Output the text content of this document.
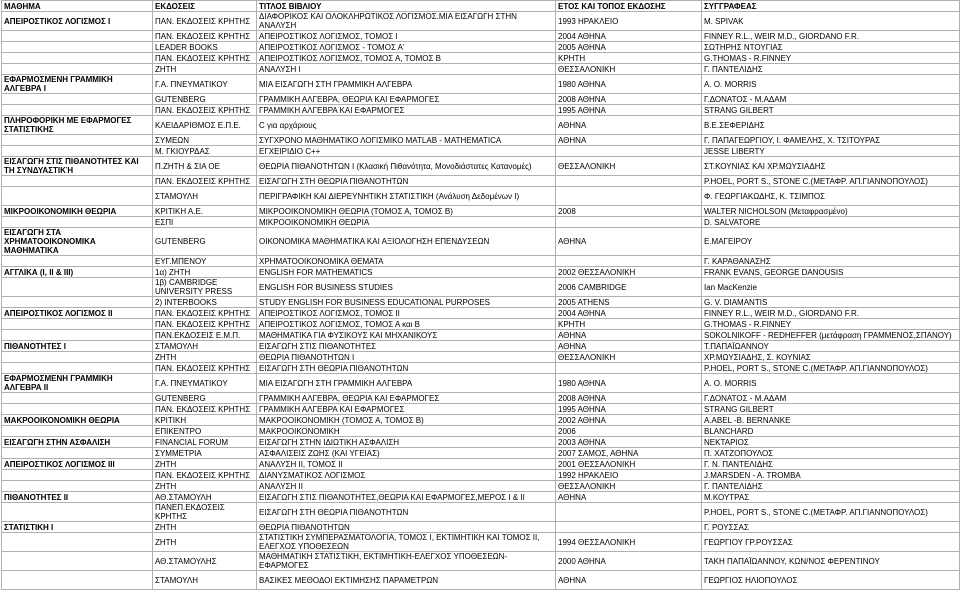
ΜΑΘΗΜΑ	ΕΚΔΟΣΕΙΣ	ΤΙΤΛΟΣ ΒΙΒΛΙΟΥ	ΕΤΟΣ ΚΑΙ ΤΟΠΟΣ ΕΚΔΟΣΗΣ	ΣΥΓΓΡΑΦΕΑΣ
ΑΠΕΙΡΟΣΤΙΚΟΣ ΛΟΓΙΣΜΟΣ Ι	ΠΑΝ. ΕΚΔΟΣΕΙΣ ΚΡΗΤΗΣ	ΔΙΑΦΟΡΙΚΟΣ ΚΑΙ ΟΛΟΚΛΗΡΩΤΙΚΟΣ ΛΟΓΙΣΜΟΣ.ΜΙΑ ΕΙΣΑΓΩΓΗ ΣΤΗΝ ΑΝΑΛΥΣΗ	1993 ΗΡΑΚΛΕΙΟ	M. SPIVAK
	ΠΑΝ. ΕΚΔΟΣΕΙΣ ΚΡΗΤΗΣ	ΑΠΕΙΡΟΣΤΙΚΟΣ ΛΟΓΙΣΜΟΣ, ΤΟΜΟΣ Ι	2004 ΑΘΗΝΑ	FINNEY R.L., WEIR M.D., GIORDANO F.R.
	LEADER BOOKS	ΑΠΕΙΡΟΣΤΙΚΟΣ ΛΟΓΙΣΜΟΣ - ΤΟΜΟΣ Α'	2005 ΑΘΗΝΑ	ΣΩΤΗΡΗΣ ΝΤΟΥΓΙΑΣ
	ΠΑΝ. ΕΚΔΟΣΕΙΣ ΚΡΗΤΗΣ	ΑΠΕΙΡΟΣΤΙΚΟΣ ΛΟΓΙΣΜΟΣ, ΤΟΜΟΣ Α, ΤΟΜΟΣ Β	ΚΡΗΤΗ	G.THOMAS - R.FINNEY
	ΖΗΤΗ	ΑΝΑΛΥΣΗ Ι	ΘΕΣΣΑΛΟΝΙΚΗ	Γ. ΠΑΝΤΕΛΙΔΗΣ
ΕΦΑΡΜΟΣΜΕΝΗ ΓΡΑΜΜΙΚΗ ΑΛΓΕΒΡΑ Ι	Γ.Α. ΠΝΕΥΜΑΤΙΚΟΥ	ΜΙΑ ΕΙΣΑΓΩΓΗ ΣΤΗ ΓΡΑΜΜΙΚΗ ΑΛΓΕΒΡΑ	1980 ΑΘΗΝΑ	A. O. MORRIS
	GUTENBERG	ΓΡΑΜΜΙΚΗ ΑΛΓΕΒΡΑ, ΘΕΩΡΙΑ ΚΑΙ ΕΦΑΡΜΟΓΕΣ	2008 ΑΘΗΝΑ	Γ.ΔΟΝΑΤΟΣ - Μ.ΑΔΑΜ
	ΠΑΝ. ΕΚΔΟΣΕΙΣ ΚΡΗΤΗΣ	ΓΡΑΜΜΙΚΗ ΑΛΓΕΒΡΑ ΚΑΙ ΕΦΑΡΜΟΓΕΣ	1995 ΑΘΗΝΑ	STRANG GILBERT
ΠΛΗΡΟΦΟΡΙΚΗ ΜΕ ΕΦΑΡΜΟΓΕΣ ΣΤΑΤΙΣΤΙΚΗΣ	ΚΛΕΙΔΑΡΙΘΜΟΣ Ε.Π.Ε.	C για αρχάριους	ΑΘΗΝΑ	Β.Ε.ΣΕΦΕΡΙΔΗΣ
	ΣΥΜΕΩΝ	ΣΥΓΧΡΟΝΟ ΜΑΘΗΜΑΤΙΚΟ ΛΟΓΙΣΜΙΚΟ MATLAB - MATHEMATICA	ΑΘΗΝΑ	Γ. ΠΑΠΑΓΕΩΡΓΙΟΥ, Ι. ΦΑΜΕΛΗΣ, Χ. ΤΣΙΤΟΥΡΑΣ
	Μ. ΓΚΙΟΥΡΔΑΣ	ΕΓΧΕΙΡΙΔΙΟ C++		JESSE LIBERTY
ΕΙΣΑΓΩΓΗ ΣΤΙΣ ΠΙΘΑΝΟΤΗΤΕΣ ΚΑΙ ΤΗ ΣΥΝΔΥΑΣΤΙΚΉ	Π.ΖΗΤΗ & ΣΙΑ ΟΕ	ΘΕΩΡΙΑ ΠΙΘΑΝΟΤΗΤΩΝ Ι (Κλασική Πιθανότητα, Μονοδιάστατες Κατανομές)	ΘΕΣΣΑΛΟΝΙΚΗ	ΣΤ.ΚΟΥΝΙΑΣ ΚΑΙ ΧΡ.ΜΩΥΣΙΑΔΗΣ
	ΠΑΝ. ΕΚΔΟΣΕΙΣ ΚΡΗΤΗΣ	ΕΙΣΑΓΩΓΗ ΣΤΗ ΘΕΩΡΙΑ ΠΙΘΑΝΟΤΗΤΩΝ		P.HOEL, PORT S., STONE C.(ΜΕΤΑΦΡ. ΑΠ.ΓΙΑΝΝΟΠΟΥΛΟΣ)
	ΣΤΑΜΟΥΛΗ	ΠΕΡΙΓΡΑΦΙΚΗ ΚΑΙ ΔΙΕΡΕΥΝΗΤΙΚΗ ΣΤΑΤΙΣΤΙΚΗ (Ανάλυση Δεδομένων Ι)		Φ. ΓΕΩΡΓΙΑΚΩΔΗΣ, Κ. ΤΣΙΜΠΟΣ
ΜΙΚΡΟΟΙΚΟΝΟΜΙΚΗ ΘΕΩΡΙΑ	ΚΡΙΤΙΚΗ Α.Ε.	ΜΙΚΡΟΟΙΚΟΝΟΜΙΚΗ ΘΕΩΡΙΑ (ΤΟΜΟΣ Α, ΤΟΜΟΣ Β)	2008	WALTER NICHOLSON (Μεταφρασμένο)
	ΕΣΠΙ	ΜΙΚΡΟΟΙΚΟΝΟΜΙΚΗ ΘΕΩΡΙΑ		D. SALVATORE
ΕΙΣΑΓΩΓΗ ΣΤΑ ΧΡΗΜΑΤΟΟΙΚΟΝΟΜΙΚΑ ΜΑΘΗΜΑΤΙΚΑ	GUTENBERG	ΟΙΚΟΝΟΜΙΚΑ ΜΑΘΗΜΑΤΙΚΑ ΚΑΙ ΑΞΙΟΛΟΓΗΣΗ ΕΠΕΝΔΥΣΕΩΝ	ΑΘΗΝΑ	Ε.ΜΑΓΕΙΡΟΥ
	ΕΥΓ.ΜΠΕΝΟΥ	ΧΡΗΜΑΤΟΟΙΚΟΝΟΜΙΚΑ ΘΕΜΑΤΑ		Γ. ΚΑΡΑΘΑΝΑΣΗΣ
ΑΓΓΛΙΚΑ (Ι, ΙΙ & ΙΙΙ)	1α) ΖΗΤΗ	ENGLISH FOR MATHEMATICS	2002 ΘΕΣΣΑΛΟΝΙΚΗ	FRANK EVANS, GEORGE DANOUSIS
	1β) CAMBRIDGE UNIVERSITY PRESS	ENGLISH FOR BUSINESS STUDIES	2006 CAMBRIDGE	Ian MacKenzie
	2) INTERBOOKS	STUDY ENGLISH FOR BUSINESS EDUCATIONAL PURPOSES	2005 ATHENS	G. V. DIAMANTIS
ΑΠΕΙΡΟΣΤΙΚΟΣ ΛΟΓΙΣΜΟΣ ΙΙ	ΠΑΝ. ΕΚΔΟΣΕΙΣ ΚΡΗΤΗΣ	ΑΠΕΙΡΟΣΤΙΚΟΣ ΛΟΓΙΣΜΟΣ, ΤΟΜΟΣ ΙΙ	2004 ΑΘΗΝΑ	FINNEY R.L., WEIR M.D., GIORDANO F.R.
	ΠΑΝ. ΕΚΔΟΣΕΙΣ ΚΡΗΤΗΣ	ΑΠΕΙΡΟΣΤΙΚΟΣ ΛΟΓΙΣΜΟΣ, ΤΟΜΟΣ Α και Β	ΚΡΗΤΗ	G.THOMAS - R.FINNEY
	ΠΑΝ.ΕΚΔΟΣΕΙΣ Ε.Μ.Π.	ΜΑΘΗΜΑΤΙΚΑ ΓΙΑ ΦΥΣΙΚΟΥΣ ΚΑΙ ΜΗΧΑΝΙΚΟΥΣ	ΑΘΗΝΑ	SOKOLNIKOFF - REDHEFFER (μετάφραση ΓΡΑΜΜΕΝΟΣ,ΣΠΑΝΟΥ)
ΠΙΘΑΝΟΤΗΤΕΣ Ι	ΣΤΑΜΟΥΛΗ	ΕΙΣΑΓΩΓΗ ΣΤΙΣ ΠΙΘΑΝΟΤΗΤΕΣ	ΑΘΗΝΑ	Τ.ΠΑΠΑΪΩΑΝΝΟΥ
	ΖΗΤΗ	ΘΕΩΡΙΑ ΠΙΘΑΝΟΤΗΤΩΝ Ι	ΘΕΣΣΑΛΟΝΙΚΗ	ΧΡ.ΜΩΥΣΙΑΔΗΣ, Σ. ΚΟΥΝΙΑΣ
	ΠΑΝ. ΕΚΔΟΣΕΙΣ ΚΡΗΤΗΣ	ΕΙΣΑΓΩΓΗ ΣΤΗ ΘΕΩΡΙΑ ΠΙΘΑΝΟΤΗΤΩΝ		P.HOEL, PORT S., STONE C.(ΜΕΤΑΦΡ. ΑΠ.ΓΙΑΝΝΟΠΟΥΛΟΣ)
ΕΦΑΡΜΟΣΜΕΝΗ ΓΡΑΜΜΙΚΗ ΑΛΓΕΒΡΑ ΙΙ	Γ.Α. ΠΝΕΥΜΑΤΙΚΟΥ	ΜΙΑ ΕΙΣΑΓΩΓΗ ΣΤΗ ΓΡΑΜΜΙΚΗ ΑΛΓΕΒΡΑ	1980 ΑΘΗΝΑ	A. O. MORRIS
	GUTENBERG	ΓΡΑΜΜΙΚΗ ΑΛΓΕΒΡΑ, ΘΕΩΡΙΑ ΚΑΙ ΕΦΑΡΜΟΓΕΣ	2008 ΑΘΗΝΑ	Γ.ΔΟΝΑΤΟΣ - Μ.ΑΔΑΜ
	ΠΑΝ. ΕΚΔΟΣΕΙΣ ΚΡΗΤΗΣ	ΓΡΑΜΜΙΚΗ ΑΛΓΕΒΡΑ ΚΑΙ ΕΦΑΡΜΟΓΕΣ	1995 ΑΘΗΝΑ	STRANG GILBERT
ΜΑΚΡΟΟΙΚΟΝΟΜΙΚΗ ΘΕΩΡΙΑ	ΚΡΙΤΙΚΗ	ΜΑΚΡΟΟΙΚΟΝΟΜΙΚΗ (ΤΟΜΟΣ Α, ΤΟΜΟΣ Β)	2002 ΑΘΗΝΑ	A.ABEL -B. BERNANKE
	ΕΠΙΚΕΝΤΡΟ	ΜΑΚΡΟΟΙΚΟΝΟΜΙΚΗ	2006	BLANCHARD
ΕΙΣΑΓΩΓΗ ΣΤΗΝ ΑΣΦΑΛΙΣΗ	FINANCIAL FORUM	ΕΙΣΑΓΩΓΗ ΣΤΗΝ ΙΔΙΩΤΙΚΗ ΑΣΦΑΛΙΣΗ	2003 ΑΘΗΝΑ	ΝΕΚΤΑΡΙΟΣ
	ΣΥΜΜΕΤΡΙΑ	ΑΣΦΑΛΙΣΕΙΣ ΖΩΗΣ (ΚΑΙ ΥΓΕΙΑΣ)	2007 ΣΑΜΟΣ, ΑΘΗΝΑ	Π. ΧΑΤΖΟΠΟΥΛΟΣ
ΑΠΕΙΡΟΣΤΙΚΟΣ ΛΟΓΙΣΜΟΣ ΙΙΙ	ΖΗΤΗ	ΑΝΑΛΥΣΗ ΙΙ, ΤΟΜΟΣ ΙΙ	2001 ΘΕΣΣΑΛΟΝΙΚΗ	Γ. Ν. ΠΑΝΤΕΛΙΔΗΣ
	ΠΑΝ. ΕΚΔΟΣΕΙΣ ΚΡΗΤΗΣ	ΔΙΑΝΥΣΜΑΤΙΚΟΣ ΛΟΓΙΣΜΟΣ	1992 ΗΡΑΚΛΕΙΟ	J.MARSDEN - A. TROMBA
	ΖΗΤΗ	ΑΝΑΛΥΣΗ ΙΙ	ΘΕΣΣΑΛΟΝΙΚΗ	Γ. ΠΑΝΤΕΛΙΔΗΣ
ΠΙΘΑΝΟΤΗΤΕΣ ΙΙ	ΑΘ.ΣΤΑΜΟΥΛΗ	ΕΙΣΑΓΩΓΗ ΣΤΙΣ ΠΙΘΑΝΟΤΗΤΕΣ,ΘΕΩΡΙΑ ΚΑΙ ΕΦΑΡΜΟΓΕΣ,ΜΕΡΟΣ Ι & ΙΙ	ΑΘΗΝΑ	Μ.ΚΟΥΤΡΑΣ
	ΠΑΝΕΠ.ΕΚΔΟΣΕΙΣ ΚΡΗΤΗΣ	ΕΙΣΑΓΩΓΗ ΣΤΗ ΘΕΩΡΙΑ ΠΙΘΑΝΟΤΗΤΩΝ		P.HOEL, PORT S., STONE C.(ΜΕΤΑΦΡ. ΑΠ.ΓΙΑΝΝΟΠΟΥΛΟΣ)
ΣΤΑΤΙΣΤΙΚΗ Ι	ΖΗΤΗ	ΘΕΩΡΙΑ ΠΙΘΑΝΟΤΗΤΩΝ		Γ. ΡΟΥΣΣΑΣ
	ΖΗΤΗ	ΣΤΑΤΙΣΤΙΚΗ ΣΥΜΠΕΡΑΣΜΑΤΟΛΟΓΙΑ, ΤΟΜΟΣ Ι, ΕΚΤΙΜΗΤΙΚΗ ΚΑΙ ΤΟΜΟΣ ΙΙ, ΕΛΕΓΧΟΣ ΥΠΟΘΕΣΕΩΝ	1994 ΘΕΣΣΑΛΟΝΙΚΗ	ΓΕΩΡΓΙΟΥ ΓΡ.ΡΟΥΣΣΑΣ
	ΑΘ.ΣΤΑΜΟΥΛΗΣ	ΜΑΘΗΜΑΤΙΚΗ ΣΤΑΤΙΣΤΙΚΗ, ΕΚΤΙΜΗΤΙΚΗ-ΕΛΕΓΧΟΣ ΥΠΟΘΕΣΕΩΝ-ΕΦΑΡΜΟΓΕΣ	2000 ΑΘΗΝΑ	ΤΑΚΗ ΠΑΠΑΪΩΑΝΝΟΥ, ΚΩΝ/ΝΟΣ ΦΕΡΕΝΤΙΝΟΥ
	ΣΤΑΜΟΥΛΗ	ΒΑΣΙΚΕΣ ΜΕΘΟΔΟΙ ΕΚΤΙΜΗΣΗΣ ΠΑΡΑΜΕΤΡΩΝ	ΑΘΗΝΑ	ΓΕΩΡΓΙΟΣ ΗΛΙΟΠΟΥΛΟΣ
